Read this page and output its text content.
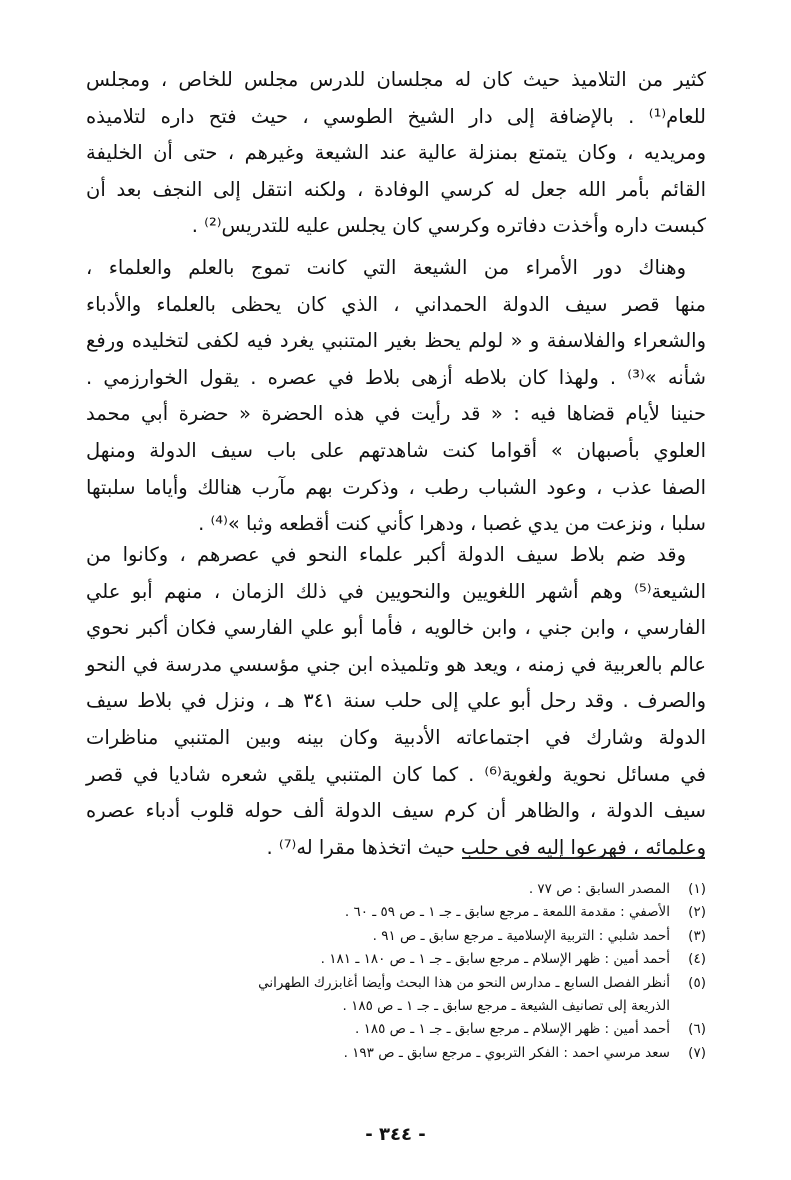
كثير من التلاميذ حيث كان له مجلسان للدرس مجلس للخاص ، ومجلس
للعام⁽¹⁾ . بالإضافة إلى دار الشيخ الطوسي ، حيث فتح داره لتلاميذه
ومريديه ، وكان يتمتع بمنزلة عالية عند الشيعة وغيرهم ، حتى أن الخليفة
القائم بأمر الله جعل له كرسي الوفادة ، ولكنه انتقل إلى النجف بعد أن
كبست داره وأخذت دفاتره وكرسي كان يجلس عليه للتدريس⁽²⁾ .
وهناك دور الأمراء من الشيعة التي كانت تموج بالعلم والعلماء ،
منها قصر سيف الدولة الحمداني ، الذي كان يحظى بالعلماء والأدباء
والشعراء والفلاسفة و « لولم يحظ بغير المتنبي يغرد فيه لكفى لتخليده ورفع
شأنه »⁽³⁾ . ولهذا كان بلاطه أزهى بلاط في عصره . يقول الخوارزمي .
حنينا لأيام قضاها فيه : « قد رأيت في هذه الحضرة « حضرة أبي محمد
العلوي بأصبهان » أقواما كنت شاهدتهم على باب سيف الدولة ومنهل
الصفا عذب ، وعود الشباب رطب ، وذكرت بهم مآرب هنالك وأياما سلبتها
سلبا ، ونزعت من يدي غصبا ، ودهرا كأني كنت أقطعه وثبا »⁽⁴⁾ .
وقد ضم بلاط سيف الدولة أكبر علماء النحو في عصرهم ، وكانوا من
الشيعة⁽⁵⁾ وهم أشهر اللغويين والنحويين في ذلك الزمان ، منهم أبو علي
الفارسي ، وابن جني ، وابن خالويه ، فأما أبو علي الفارسي فكان أكبر نحوي
عالم بالعربية في زمنه ، ويعد هو وتلميذه ابن جني مؤسسي مدرسة في النحو
والصرف . وقد رحل أبو علي إلى حلب سنة ٣٤١ هـ ، ونزل في بلاط سيف
الدولة وشارك في اجتماعاته الأدبية وكان بينه وبين المتنبي مناظرات
في مسائل نحوية ولغوية⁽⁶⁾ . كما كان المتنبي يلقي شعره شاديا في قصر
سيف الدولة ، والظاهر أن كرم سيف الدولة ألف حوله قلوب أدباء عصره
وعلمائه ، فهرعوا إليه في حلب حيث اتخذها مقرا له⁽⁷⁾ .
(١)
المصدر السابق : ص ٧٧ .
(٢)
الأصفي : مقدمة اللمعة ـ مرجع سابق ـ جـ ١ ـ ص ٥٩ ـ ٦٠ .
(٣)
أحمد شلبي : التربية الإسلامية ـ مرجع سابق ـ ص ٩١ .
(٤)
أحمد أمين : ظهر الإسلام ـ مرجع سابق ـ جـ ١ ـ ص ١٨٠ ـ ١٨١ .
(٥)
أنظر الفصل السابع ـ مدارس النحو من هذا البحث وأيضا أغابزرك الطهراني
الذريعة إلى تصانيف الشيعة ـ مرجع سابق ـ جـ ١ ـ ص ١٨٥ .
(٦)
أحمد أمين : ظهر الإسلام ـ مرجع سابق ـ جـ ١ ـ ص ١٨٥ .
(٧)
سعد مرسي احمد : الفكر التربوي ـ مرجع سابق ـ ص ١٩٣ .
- ٣٤٤ -
